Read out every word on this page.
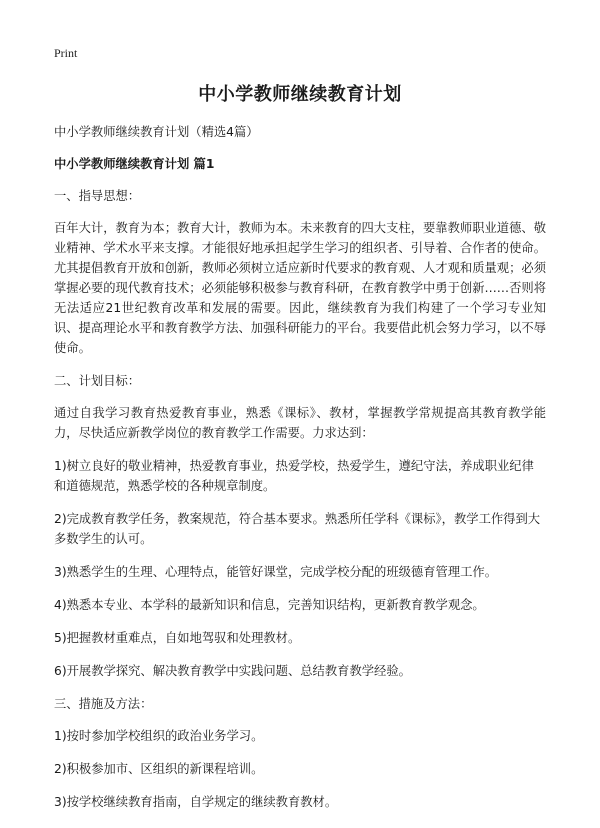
Print
中小学教师继续教育计划

中小学教师继续教育计划（精选4篇）

中小学教师继续教育计划 篇1

一、指导思想：

百年大计，教育为本；教育大计，教师为本。未来教育的四大支柱，要靠教师职业道德、敬业精神、学术水平来支撑。才能很好地承担起学生学习的组织者、引导着、合作者的使命。尤其提倡教育开放和创新，教师必须树立适应新时代要求的教育观、人才观和质量观；必须掌握必要的现代教育技术；必须能够积极参与教育科研，在教育教学中勇于创新……否则将无法适应21世纪教育改革和发展的需要。因此，继续教育为我们构建了一个学习专业知识、提高理论水平和教育教学方法、加强科研能力的平台。我要借此机会努力学习，以不辱使命。

二、计划目标：

通过自我学习教育热爱教育事业，熟悉《课标》、教材，掌握教学常规提高其教育教学能力，尽快适应新教学岗位的教育教学工作需要。力求达到：

1)树立良好的敬业精神，热爱教育事业，热爱学校，热爱学生，遵纪守法，养成职业纪律和道德规范，熟悉学校的各种规章制度。

2)完成教育教学任务，教案规范，符合基本要求。熟悉所任学科《课标》，教学工作得到大多数学生的认可。

3)熟悉学生的生理、心理特点，能管好课堂，完成学校分配的班级德育管理工作。

4)熟悉本专业、本学科的最新知识和信息，完善知识结构，更新教育教学观念。

5)把握教材重难点，自如地驾驭和处理教材。

6)开展教学探究、解决教育教学中实践问题、总结教育教学经验。

三、措施及方法：

1)按时参加学校组织的政治业务学习。

2)积极参加市、区组织的新课程培训。

3)按学校继续教育指南，自学规定的继续教育教材。
